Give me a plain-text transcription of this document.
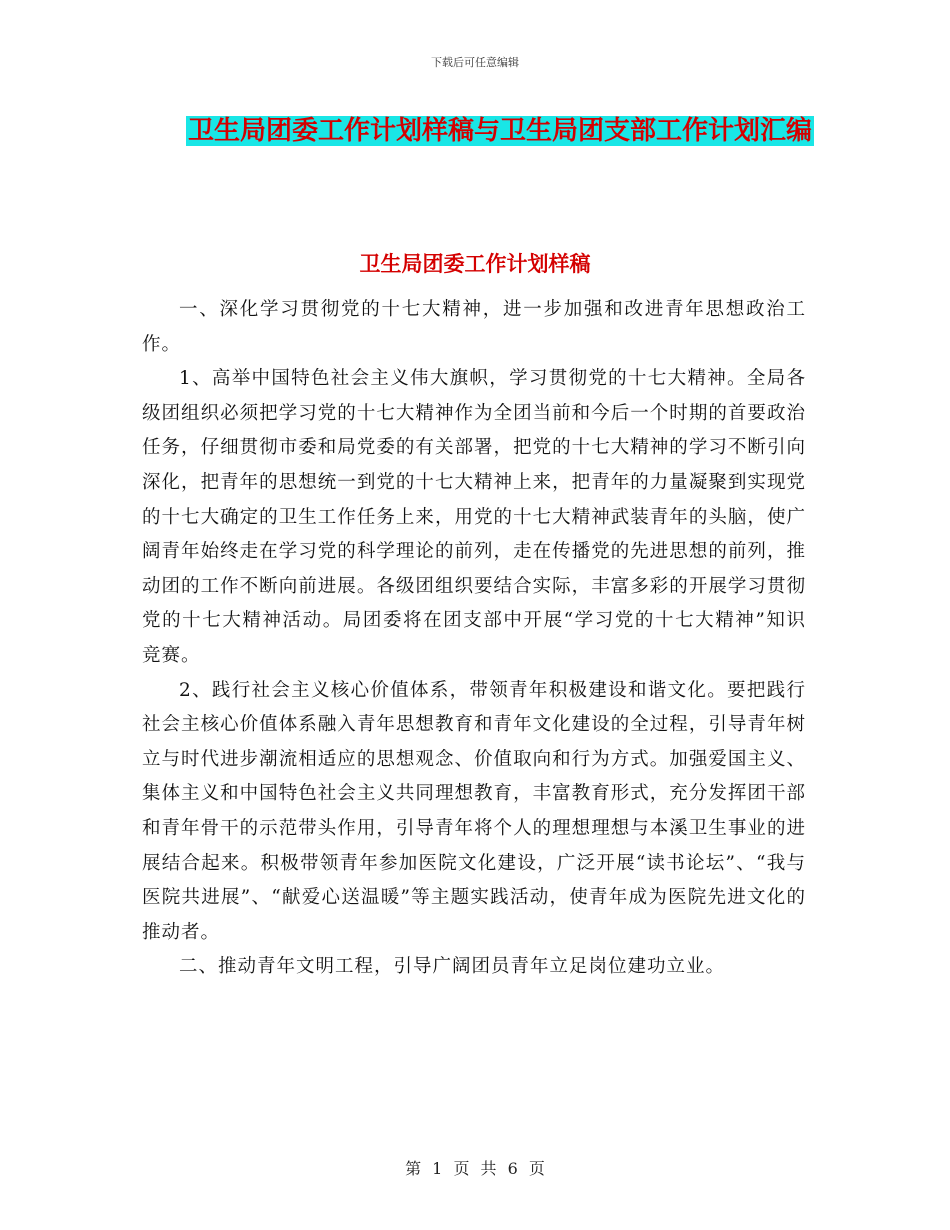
下载后可任意编辑
卫生局团委工作计划样稿与卫生局团支部工作计划汇编
卫生局团委工作计划样稿

一、深化学习贯彻党的十七大精神，进一步加强和改进青年思想政治工作。

1、高举中国特色社会主义伟大旗帜，学习贯彻党的十七大精神。全局各级团组织必须把学习党的十七大精神作为全团当前和今后一个时期的首要政治任务，仔细贯彻市委和局党委的有关部署，把党的十七大精神的学习不断引向深化，把青年的思想统一到党的十七大精神上来，把青年的力量凝聚到实现党的十七大确定的卫生工作任务上来，用党的十七大精神武装青年的头脑，使广阔青年始终走在学习党的科学理论的前列，走在传播党的先进思想的前列，推动团的工作不断向前进展。各级团组织要结合实际，丰富多彩的开展学习贯彻党的十七大精神活动。局团委将在团支部中开展“学习党的十七大精神”知识竞赛。

2、践行社会主义核心价值体系，带领青年积极建设和谐文化。要把践行社会主核心价值体系融入青年思想教育和青年文化建设的全过程，引导青年树立与时代进步潮流相适应的思想观念、价值取向和行为方式。加强爱国主义、集体主义和中国特色社会主义共同理想教育，丰富教育形式，充分发挥团干部和青年骨干的示范带头作用，引导青年将个人的理想理想与本溪卫生事业的进展结合起来。积极带领青年参加医院文化建设，广泛开展“读书论坛”、“我与医院共进展”、“献爱心送温暖”等主题实践活动，使青年成为医院先进文化的推动者。

二、推动青年文明工程，引导广阔团员青年立足岗位建功立业。

第 1 页 共 6 页
